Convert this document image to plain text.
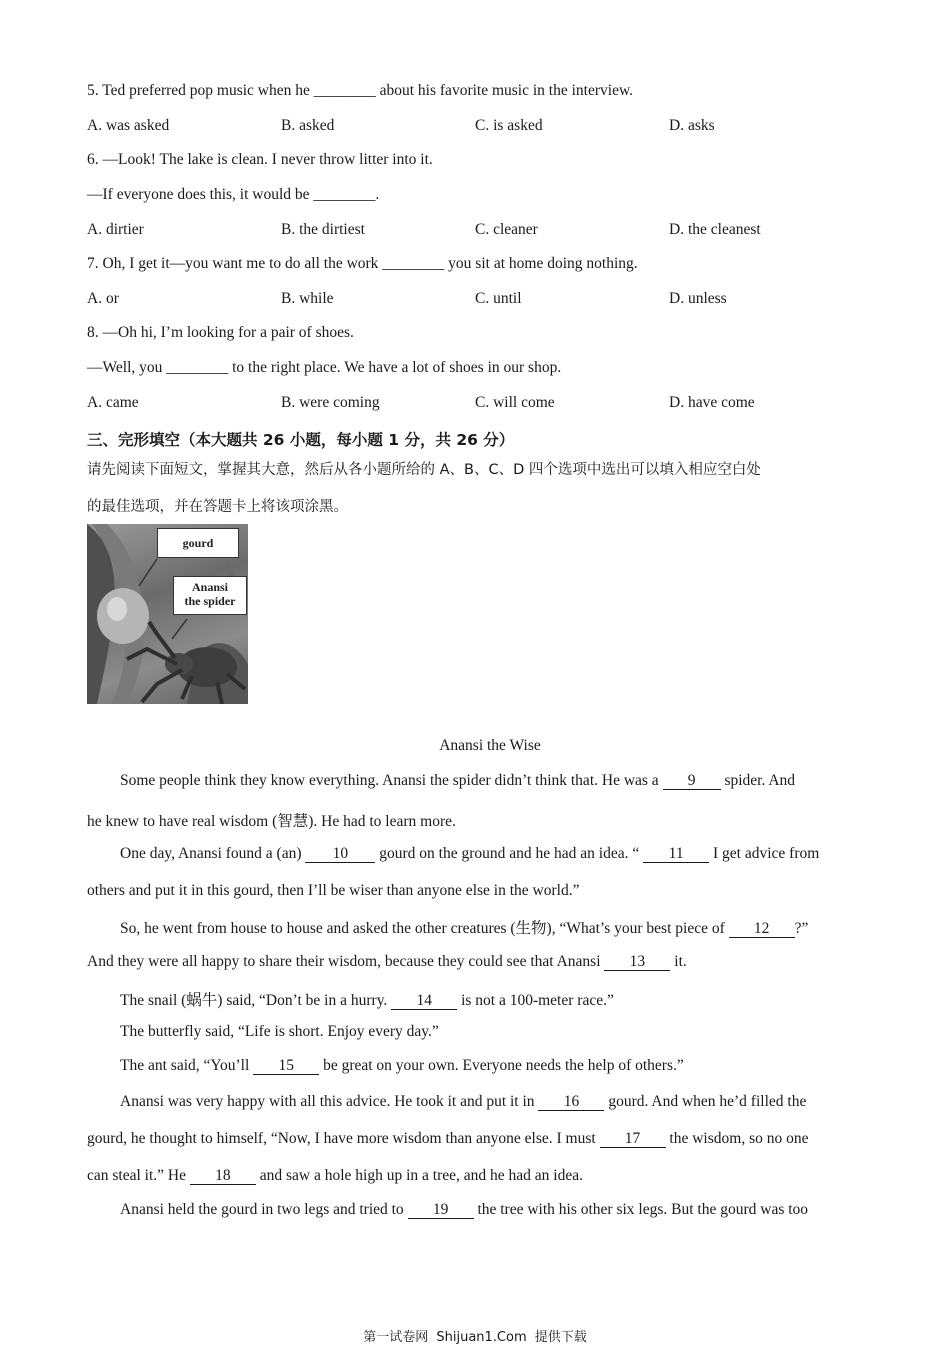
5. Ted preferred pop music when he ________ about his favorite music in the interview.
A. was asked	B. asked	C. is asked	D. asks
6. —Look! The lake is clean. I never throw litter into it.
—If everyone does this, it would be ________.
A. dirtier	B. the dirtiest	C. cleaner	D. the cleanest
7. Oh, I get it—you want me to do all the work ________ you sit at home doing nothing.
A. or	B. while	C. until	D. unless
8. —Oh hi, I’m looking for a pair of shoes.
—Well, you ________ to the right place. We have a lot of shoes in our shop.
A. came	B. were coming	C. will come	D. have come
三、完形填空（本大题共 26 小题，每小题 1 分，共 26 分）
请先阅读下面短文，掌握其大意，然后从各小题所给的 A、B、C、D 四个选项中选出可以填入相应空白处
的最佳选项，并在答题卡上将该项涂黑。
gourd
Anansi
the spider
Anansi the Wise
Some people think they know everything. Anansi the spider didn’t think that. He was a 9 spider. And
he knew to have real wisdom (智慧). He had to learn more.
One day, Anansi found a (an) 10 gourd on the ground and he had an idea. “ 11 I get advice from
others and put it in this gourd, then I’ll be wiser than anyone else in the world.”
So, he went from house to house and asked the other creatures (生物), “What’s your best piece of 12 ?”
And they were all happy to share their wisdom, because they could see that Anansi 13 it.
The snail (蜗牛) said, “Don’t be in a hurry. 14 is not a 100-meter race.”
The butterfly said, “Life is short. Enjoy every day.”
The ant said, “You’ll 15 be great on your own. Everyone needs the help of others.”
Anansi was very happy with all this advice. He took it and put it in 16 gourd. And when he’d filled the
gourd, he thought to himself, “Now, I have more wisdom than anyone else. I must 17 the wisdom, so no one
can steal it.” He 18 and saw a hole high up in a tree, and he had an idea.
Anansi held the gourd in two legs and tried to 19 the tree with his other six legs. But the gourd was too
第一试卷网 Shijuan1.Com 提供下载
